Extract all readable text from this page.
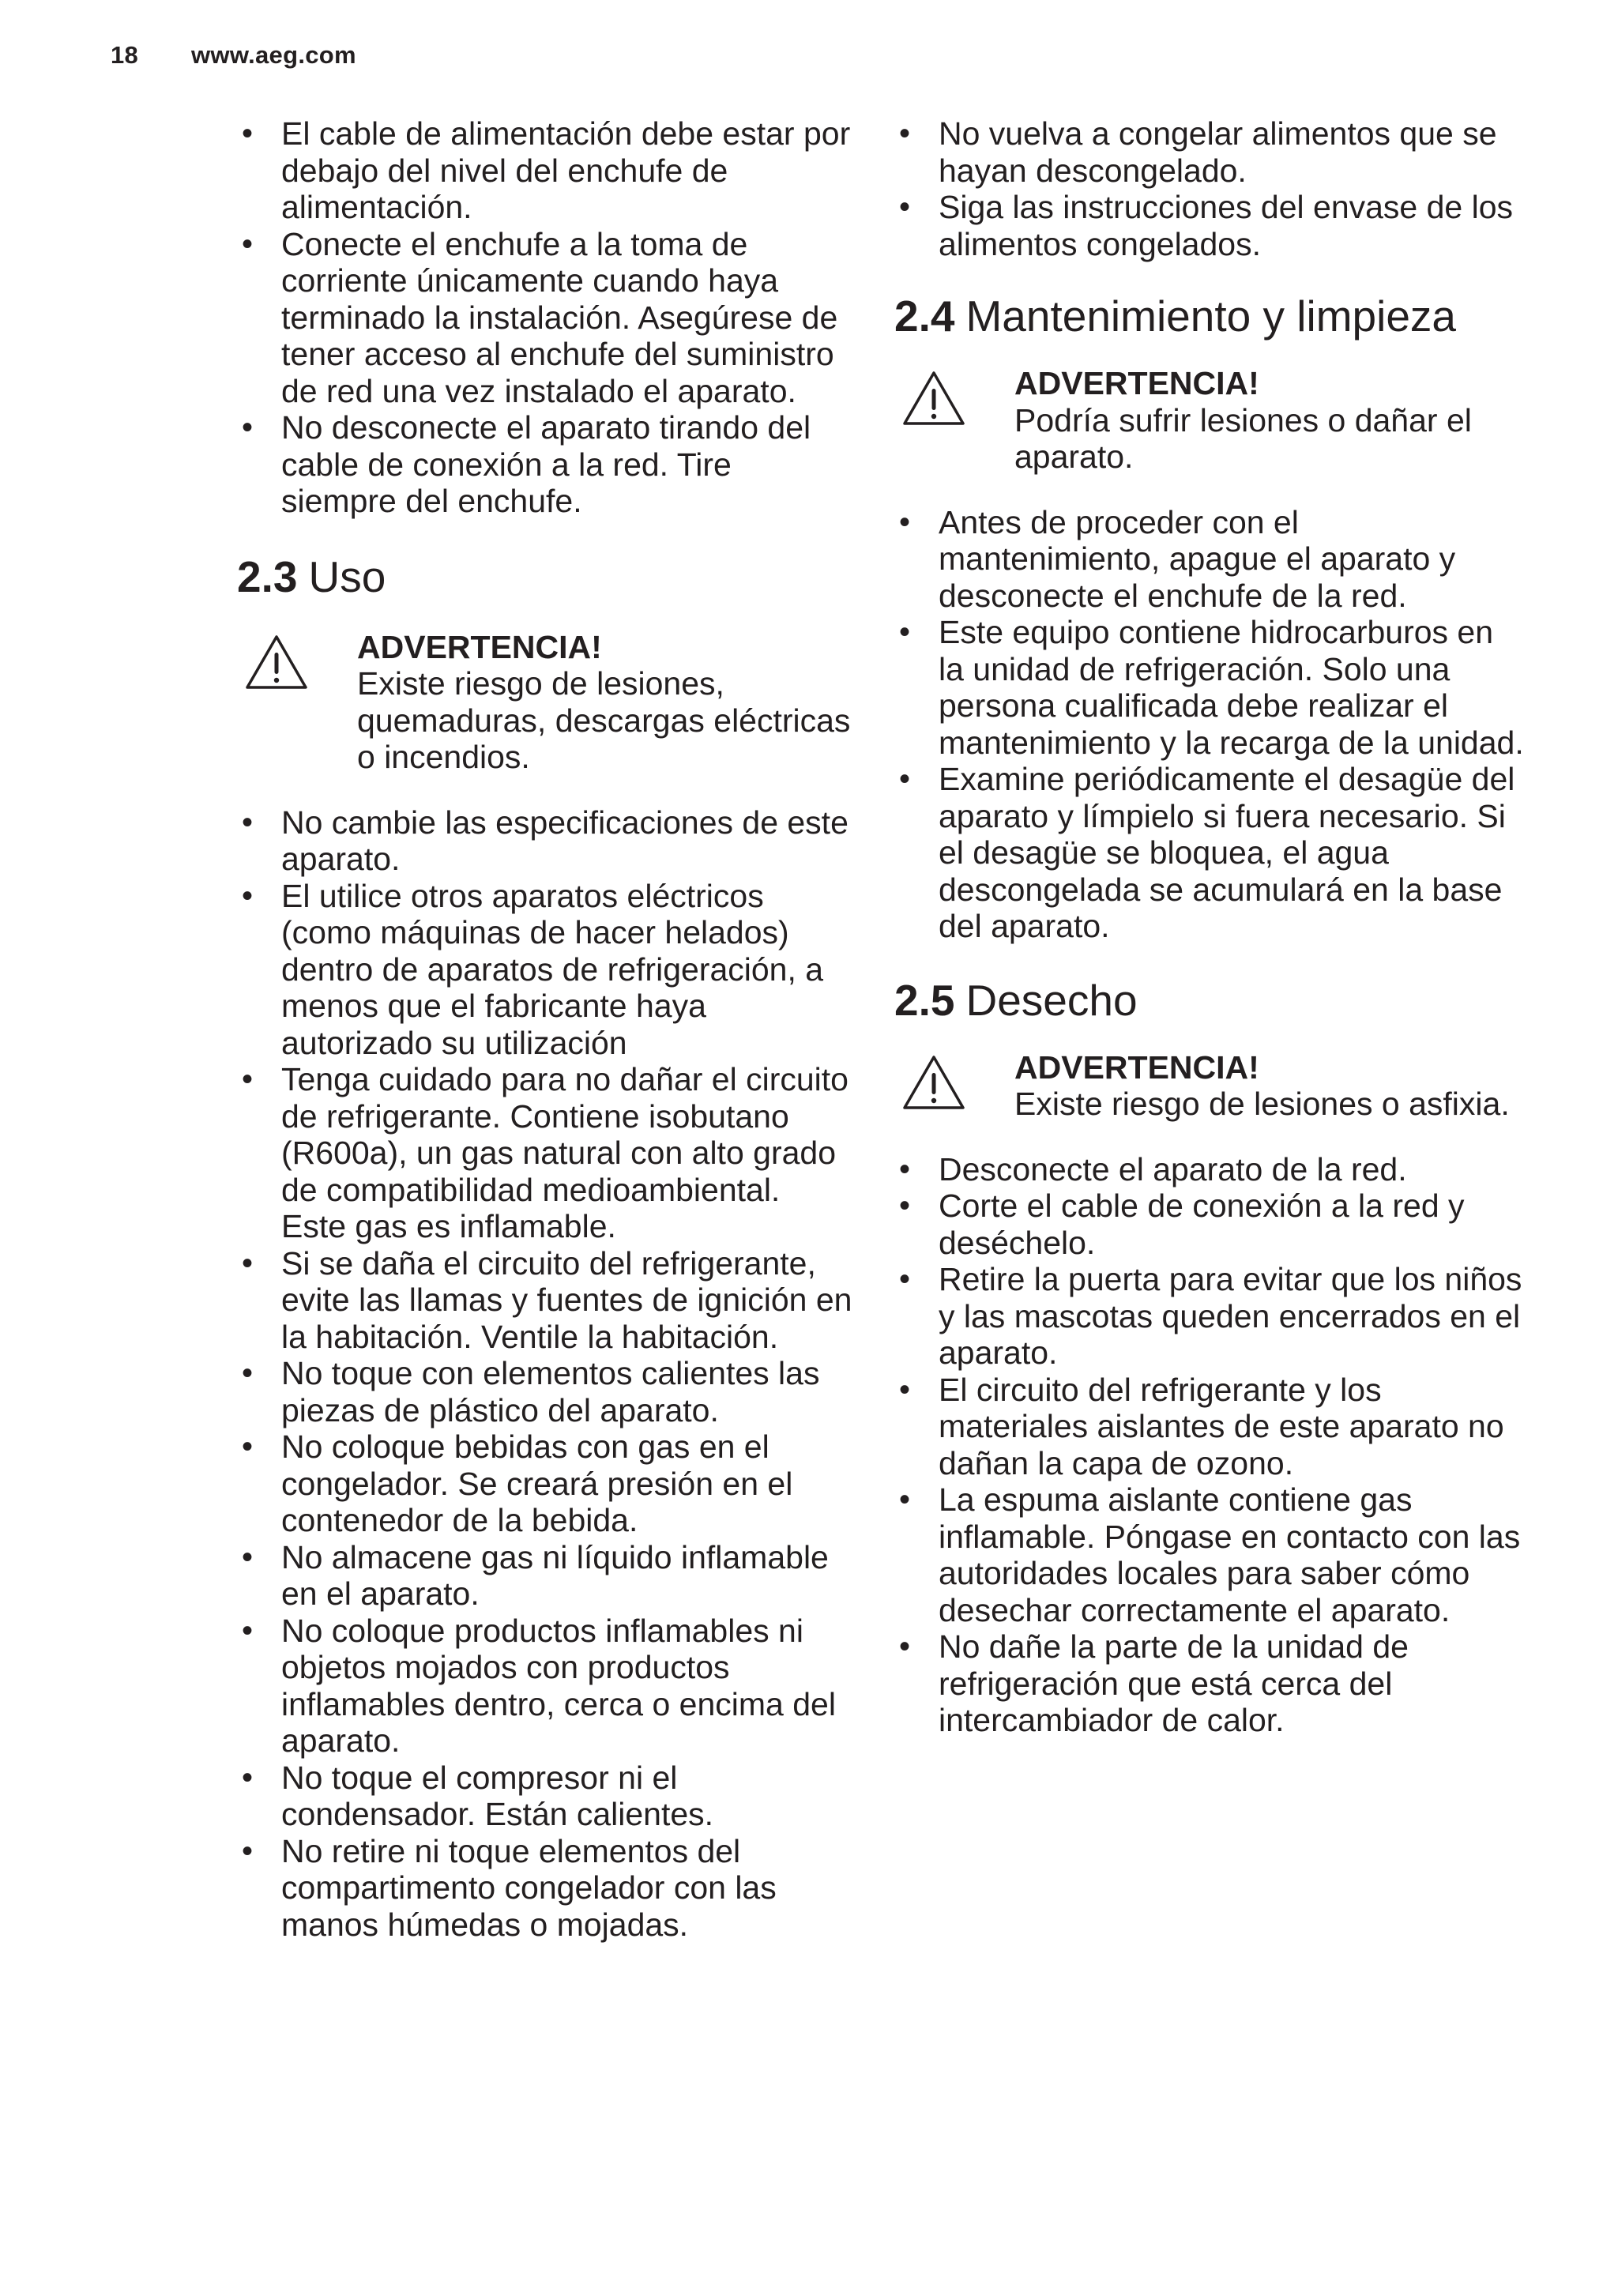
18 www.aeg.com
• El cable de alimentación debe estar por debajo del nivel del enchufe de alimentación.
• Conecte el enchufe a la toma de corriente únicamente cuando haya terminado la instalación. Asegúrese de tener acceso al enchufe del suministro de red una vez instalado el aparato.
• No desconecte el aparato tirando del cable de conexión a la red. Tire siempre del enchufe.
2.3 Uso
ADVERTENCIA!
Existe riesgo de lesiones, quemaduras, descargas eléctricas o incendios.
• No cambie las especificaciones de este aparato.
• El utilice otros aparatos eléctricos (como máquinas de hacer helados) dentro de aparatos de refrigeración, a menos que el fabricante haya autorizado su utilización
• Tenga cuidado para no dañar el circuito de refrigerante. Contiene isobutano (R600a), un gas natural con alto grado de compatibilidad medioambiental. Este gas es inflamable.
• Si se daña el circuito del refrigerante, evite las llamas y fuentes de ignición en la habitación. Ventile la habitación.
• No toque con elementos calientes las piezas de plástico del aparato.
• No coloque bebidas con gas en el congelador. Se creará presión en el contenedor de la bebida.
• No almacene gas ni líquido inflamable en el aparato.
• No coloque productos inflamables ni objetos mojados con productos inflamables dentro, cerca o encima del aparato.
• No toque el compresor ni el condensador. Están calientes.
• No retire ni toque elementos del compartimento congelador con las manos húmedas o mojadas.
• No vuelva a congelar alimentos que se hayan descongelado.
• Siga las instrucciones del envase de los alimentos congelados.
2.4 Mantenimiento y limpieza
ADVERTENCIA!
Podría sufrir lesiones o dañar el aparato.
• Antes de proceder con el mantenimiento, apague el aparato y desconecte el enchufe de la red.
• Este equipo contiene hidrocarburos en la unidad de refrigeración. Solo una persona cualificada debe realizar el mantenimiento y la recarga de la unidad.
• Examine periódicamente el desagüe del aparato y límpielo si fuera necesario. Si el desagüe se bloquea, el agua descongelada se acumulará en la base del aparato.
2.5 Desecho
ADVERTENCIA!
Existe riesgo de lesiones o asfixia.
• Desconecte el aparato de la red.
• Corte el cable de conexión a la red y deséchelo.
• Retire la puerta para evitar que los niños y las mascotas queden encerrados en el aparato.
• El circuito del refrigerante y los materiales aislantes de este aparato no dañan la capa de ozono.
• La espuma aislante contiene gas inflamable. Póngase en contacto con las autoridades locales para saber cómo desechar correctamente el aparato.
• No dañe la parte de la unidad de refrigeración que está cerca del intercambiador de calor.
